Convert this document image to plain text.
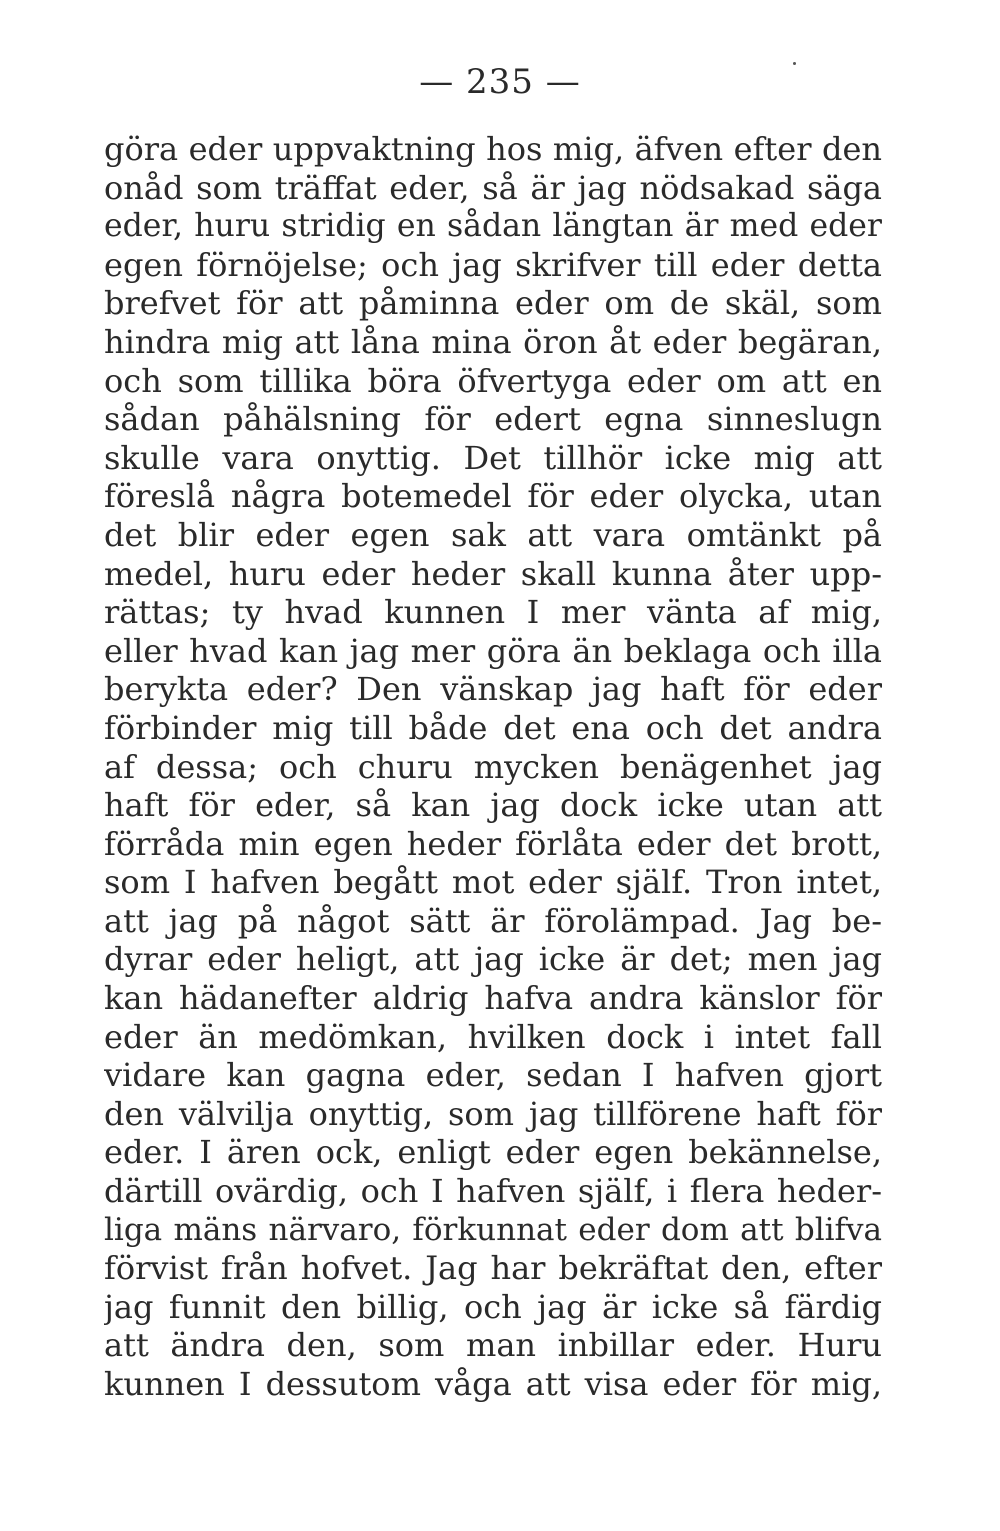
— 235 —
göra eder uppvaktning hos mig, äfven efter den
onåd som träffat eder, så är jag nödsakad säga
eder, huru stridig en sådan längtan är med eder
egen förnöjelse; och jag skrifver till eder detta
brefvet för att påminna eder om de skäl, som
hindra mig att låna mina öron åt eder begäran,
och som tillika böra öfvertyga eder om att en
sådan påhälsning för edert egna sinneslugn
skulle vara onyttig. Det tillhör icke mig att
föreslå några botemedel för eder olycka, utan
det blir eder egen sak att vara omtänkt på
medel, huru eder heder skall kunna åter upp-
rättas; ty hvad kunnen I mer vänta af mig,
eller hvad kan jag mer göra än beklaga och illa
berykta eder? Den vänskap jag haft för eder
förbinder mig till både det ena och det andra
af dessa; och churu mycken benägenhet jag
haft för eder, så kan jag dock icke utan att
förråda min egen heder förlåta eder det brott,
som I hafven begått mot eder själf. Tron intet,
att jag på något sätt är förolämpad. Jag be-
dyrar eder heligt, att jag icke är det; men jag
kan hädanefter aldrig hafva andra känslor för
eder än medömkan, hvilken dock i intet fall
vidare kan gagna eder, sedan I hafven gjort
den välvilja onyttig, som jag tillförene haft för
eder. I ären ock, enligt eder egen bekännelse,
därtill ovärdig, och I hafven själf, i flera heder-
liga mäns närvaro, förkunnat eder dom att blifva
förvist från hofvet. Jag har bekräftat den, efter
jag funnit den billig, och jag är icke så färdig
att ändra den, som man inbillar eder. Huru
kunnen I dessutom våga att visa eder för mig,
